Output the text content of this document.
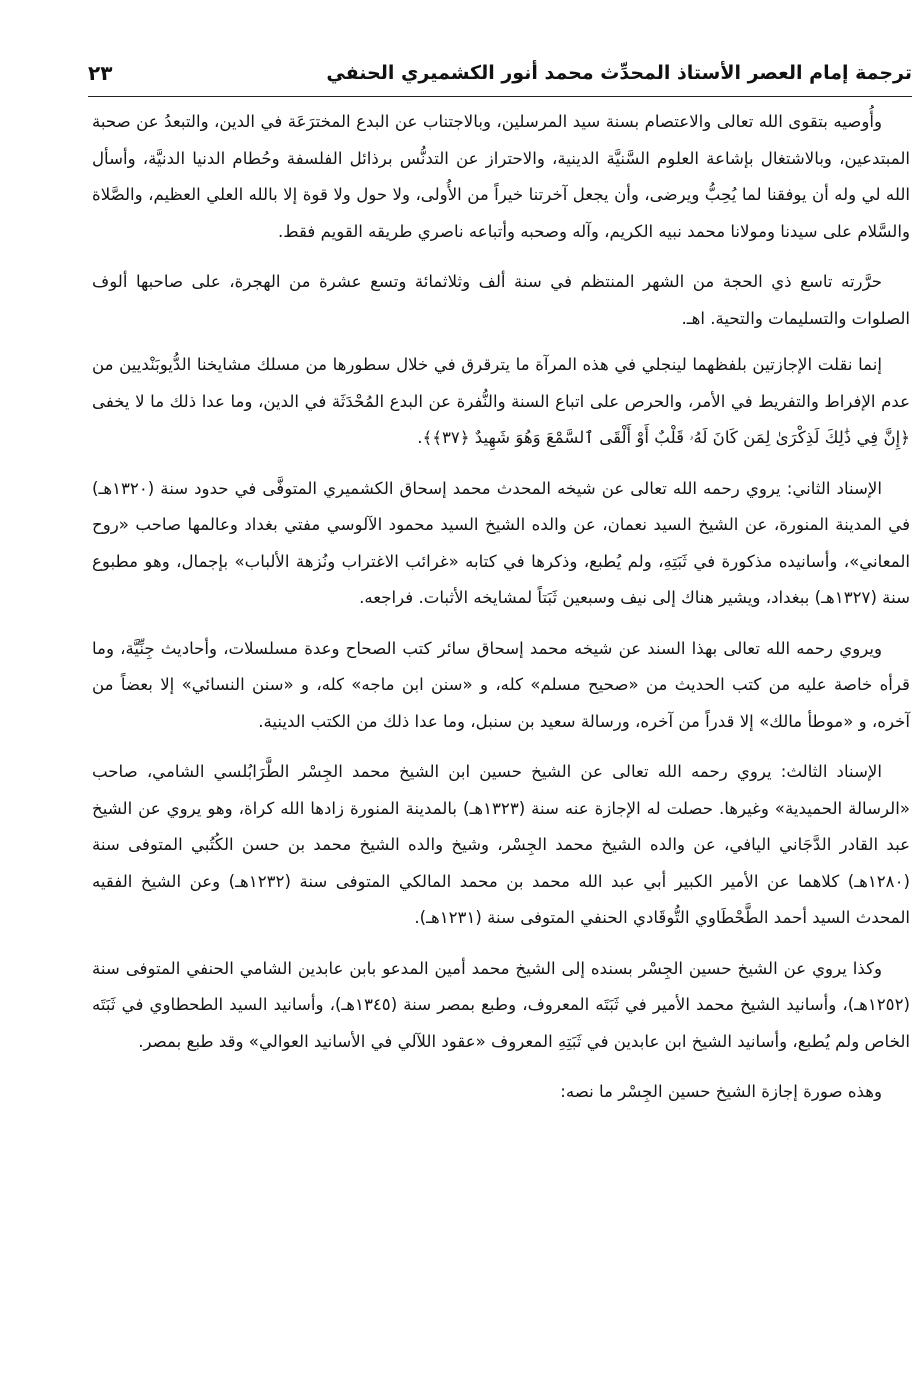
ترجمة إمام العصر الأستاذ المحدِّث محمد أنور الكشميري الحنفي
٢٣

وأُوصيه بتقوى الله تعالى والاعتصام بسنة سيد المرسلين، وبالاجتناب عن البدع المخترَعَة في الدين، والتبعدُ عن صحبة المبتدعين، وبالاشتغال بإشاعة العلوم السَّنيَّة الدينية، والاحتراز عن التدنُّس برذائل الفلسفة وحُطام الدنيا الدنيَّة، وأسأل الله لي وله أن يوفقنا لما يُحِبُّ ويرضى، وأن يجعل آخرتنا خيراً من الأُولى، ولا حول ولا قوة إلا بالله العلي العظيم، والصَّلاة والسَّلام على سيدنا ومولانا محمد نبيه الكريم، وآله وصحبه وأتباعه ناصري طريقه القويم فقط.

حرَّرته تاسع ذي الحجة من الشهر المنتظم في سنة ألف وثلاثمائة وتسع عشرة من الهجرة، على صاحبها ألوف الصلوات والتسليمات والتحية. اهـ.

إنما نقلت الإجازتين بلفظهما لينجلي في هذه المرآة ما يترقرق في خلال سطورها من مسلك مشايخنا الدُّيوبَنْديين من عدم الإفراط والتفريط في الأمر، والحرص على اتباع السنة والنُّفرة عن البدع المُحْدَثَة في الدين، وما عدا ذلك ما لا يخفى ﴿إِنَّ فِي ذَٰلِكَ لَذِكْرَىٰ لِمَن كَانَ لَهُۥ قَلْبٌ أَوْ أَلْقَى ٱلسَّمْعَ وَهُوَ شَهِيدٌ ﴿٣٧﴾﴾.

الإسناد الثاني: يروي رحمه الله تعالى عن شيخه المحدث محمد إسحاق الكشميري المتوفَّى في حدود سنة (١٣٢٠هـ) في المدينة المنورة، عن الشيخ السيد نعمان، عن والده الشيخ السيد محمود الآلوسي مفتي بغداد وعالمها صاحب «روح المعاني»، وأسانيده مذكورة في ثَبَتِهِ، ولم يُطبع، وذكرها في كتابه «غرائب الاغتراب ونُزهة الألباب» بإجمال، وهو مطبوع سنة (١٣٢٧هـ) ببغداد، ويشير هناك إلى نيف وسبعين ثَبَتاً لمشايخه الأثبات. فراجعه.

ويروي رحمه الله تعالى بهذا السند عن شيخه محمد إسحاق سائر كتب الصحاح وعدة مسلسلات، وأحاديث جِنِّيَّة، وما قرأه خاصة عليه من كتب الحديث من «صحيح مسلم» كله، و «سنن ابن ماجه» كله، و «سنن النسائي» إلا بعضاً من آخره، و «موطأ مالك» إلا قدراً من آخره، ورسالة سعيد بن سنبل، وما عدا ذلك من الكتب الدينية.

الإسناد الثالث: يروي رحمه الله تعالى عن الشيخ حسين ابن الشيخ محمد الجِسْر الطَّرَابُلسي الشامي، صاحب «الرسالة الحميدية» وغيرها. حصلت له الإجازة عنه سنة (١٣٢٣هـ) بالمدينة المنورة زادها الله كراة، وهو يروي عن الشيخ عبد القادر الدَّجَاني اليافي، عن والده الشيخ محمد الجِسْر، وشيخ والده الشيخ محمد بن حسن الكُتُبي المتوفى سنة (١٢٨٠هـ) كلاهما عن الأمير الكبير أبي عبد الله محمد بن محمد المالكي المتوفى سنة (١٢٣٢هـ) وعن الشيخ الفقيه المحدث السيد أحمد الطَّحْطَاوي التُّوقَادي الحنفي المتوفى سنة (١٢٣١هـ).

وكذا يروي عن الشيخ حسين الجِسْر بسنده إلى الشيخ محمد أمين المدعو بابن عابدين الشامي الحنفي المتوفى سنة (١٢٥٢هـ)، وأسانيد الشيخ محمد الأمير في ثَبَتَه المعروف، وطبع بمصر سنة (١٣٤٥هـ)، وأسانيد السيد الطحطاوي في ثَبَتَه الخاص ولم يُطبع، وأسانيد الشيخ ابن عابدين في ثَبَتِهِ المعروف «عقود اللآلي في الأسانيد العوالي» وقد طبع بمصر.

وهذه صورة إجازة الشيخ حسين الجِسْر ما نصه:
